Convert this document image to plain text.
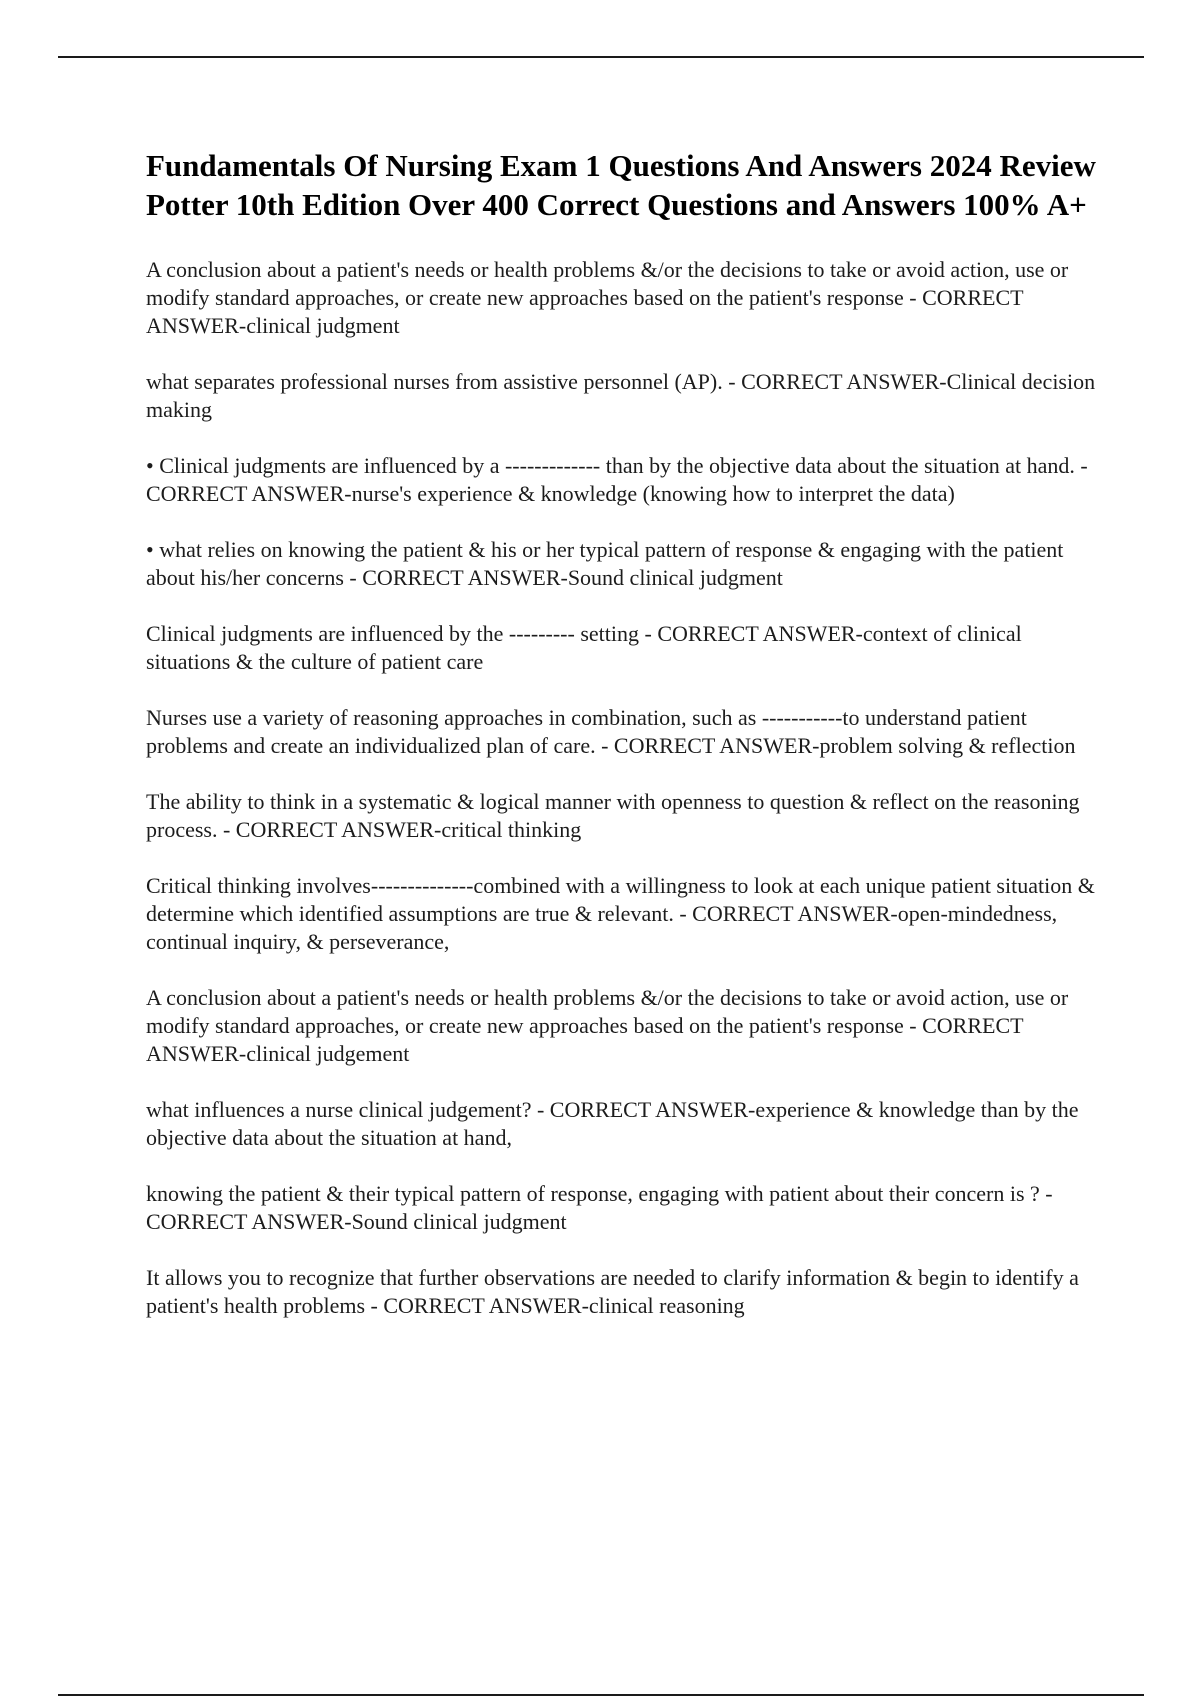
Fundamentals Of Nursing Exam 1 Questions And Answers 2024 Review Potter 10th Edition Over 400 Correct Questions and Answers 100% A+
A conclusion about a patient's needs or health problems &/or the decisions to take or avoid action, use or modify standard approaches, or create new approaches based on the patient's response - CORRECT ANSWER-clinical judgment
what separates professional nurses from assistive personnel (AP). - CORRECT ANSWER-Clinical decision making
• Clinical judgments are influenced by a ------------- than by the objective data about the situation at hand. - CORRECT ANSWER-nurse's experience & knowledge (knowing how to interpret the data)
• what relies on knowing the patient & his or her typical pattern of response & engaging with the patient about his/her concerns - CORRECT ANSWER-Sound clinical judgment
Clinical judgments are influenced by the --------- setting - CORRECT ANSWER-context of clinical situations & the culture of patient care
Nurses use a variety of reasoning approaches in combination, such as -----------to understand patient problems and create an individualized plan of care. - CORRECT ANSWER-problem solving & reflection
The ability to think in a systematic & logical manner with openness to question & reflect on the reasoning process. - CORRECT ANSWER-critical thinking
Critical thinking involves--------------combined with a willingness to look at each unique patient situation & determine which identified assumptions are true & relevant. - CORRECT ANSWER-open-mindedness, continual inquiry, & perseverance,
A conclusion about a patient's needs or health problems &/or the decisions to take or avoid action, use or modify standard approaches, or create new approaches based on the patient's response - CORRECT ANSWER-clinical judgement
what influences a nurse clinical judgement? - CORRECT ANSWER-experience & knowledge than by the objective data about the situation at hand,
knowing the patient & their typical pattern of response, engaging with patient about their concern is ? - CORRECT ANSWER-Sound clinical judgment
It allows you to recognize that further observations are needed to clarify information & begin to identify a patient's health problems - CORRECT ANSWER-clinical reasoning
